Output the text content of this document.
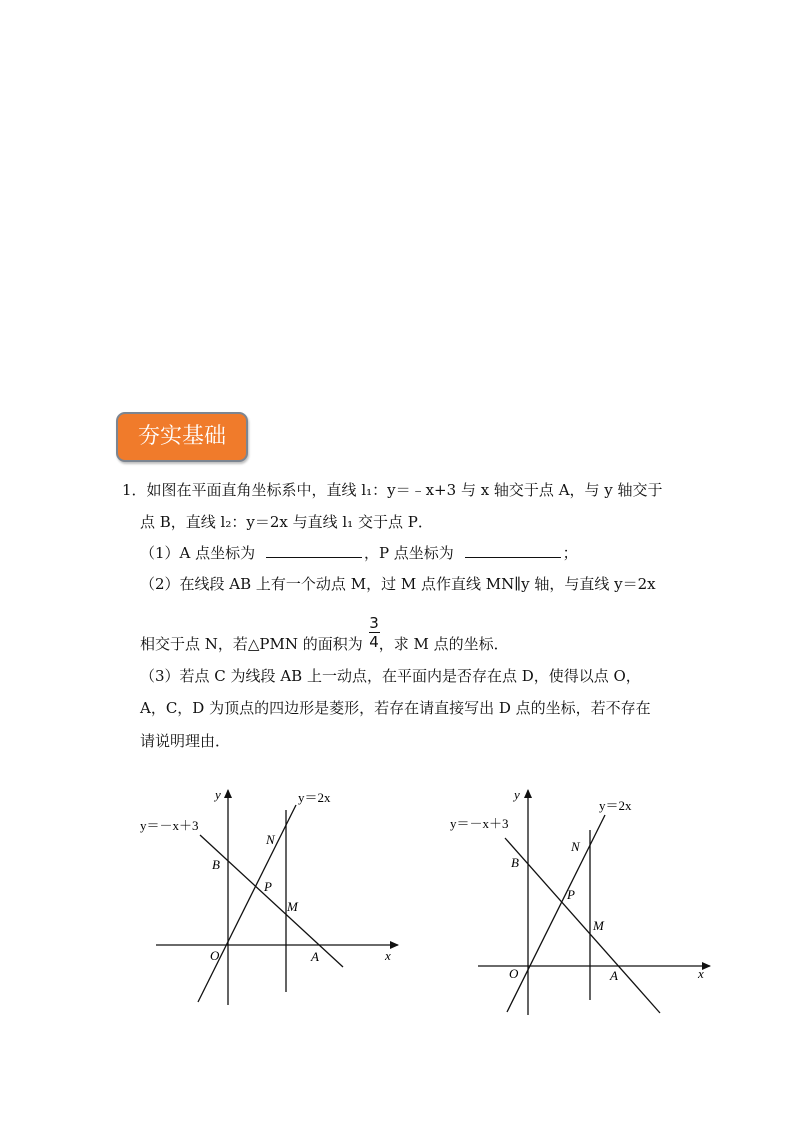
夯实基础
1．如图在平面直角坐标系中，直线 l₁：y＝﹣x+3 与 x 轴交于点 A，与 y 轴交于
点 B，直线 l₂：y＝2x 与直线 l₁ 交于点 P．
（1）A 点坐标为	，P 点坐标为	；
（2）在线段 AB 上有一个动点 M，过 M 点作直线 MN∥y 轴，与直线 y＝2x
3
4
相交于点 N，若△PMN 的面积为 ，求 M 点的坐标．
（3）若点 C 为线段 AB 上一动点，在平面内是否存在点 D，使得以点 O，
A，C，D 为顶点的四边形是菱形，若存在请直接写出 D 点的坐标，若不存在
请说明理由．
y＝－x＋3
y＝2x
y
x
O	A
B
P
M
N
y＝－x＋3
y＝2x
y
x
O	A
B
P
M
N
